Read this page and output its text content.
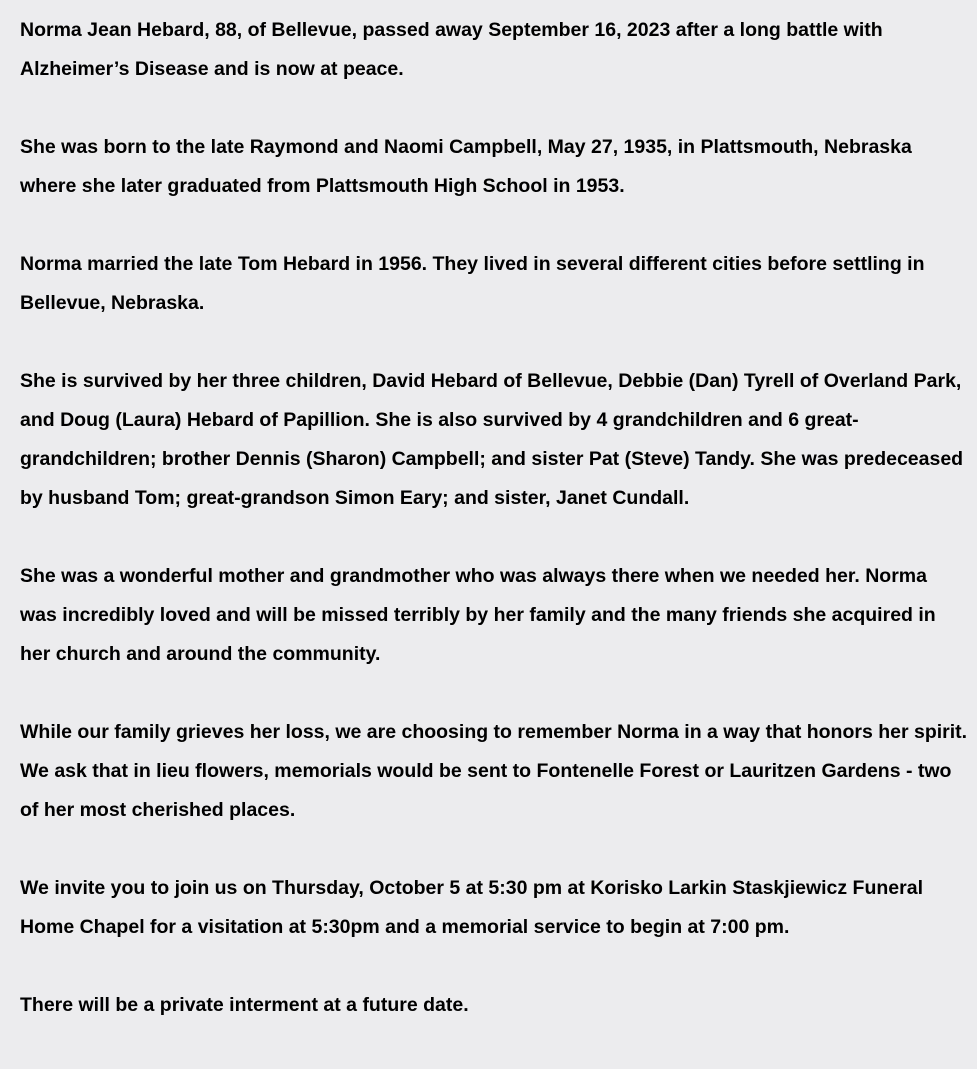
Norma Jean Hebard, 88, of Bellevue, passed away September 16, 2023 after a long battle with
Alzheimer’s Disease and is now at peace.

She was born to the late Raymond and Naomi Campbell, May 27, 1935, in Plattsmouth, Nebraska
where she later graduated from Plattsmouth High School in 1953.

Norma married the late Tom Hebard in 1956. They lived in several different cities before settling in
Bellevue, Nebraska.

She is survived by her three children, David Hebard of Bellevue, Debbie (Dan) Tyrell of Overland Park,
and Doug (Laura) Hebard of Papillion. She is also survived by 4 grandchildren and 6 great-
grandchildren; brother Dennis (Sharon) Campbell; and sister Pat (Steve) Tandy. She was predeceased
by husband Tom; great-grandson Simon Eary; and sister, Janet Cundall.

She was a wonderful mother and grandmother who was always there when we needed her. Norma
was incredibly loved and will be missed terribly by her family and the many friends she acquired in
her church and around the community.

While our family grieves her loss, we are choosing to remember Norma in a way that honors her spirit.
We ask that in lieu flowers, memorials would be sent to Fontenelle Forest or Lauritzen Gardens - two
of her most cherished places.

We invite you to join us on Thursday, October 5 at 5:30 pm at Korisko Larkin Staskjiewicz Funeral
Home Chapel for a visitation at 5:30pm and a memorial service to begin at 7:00 pm.

There will be a private interment at a future date.
